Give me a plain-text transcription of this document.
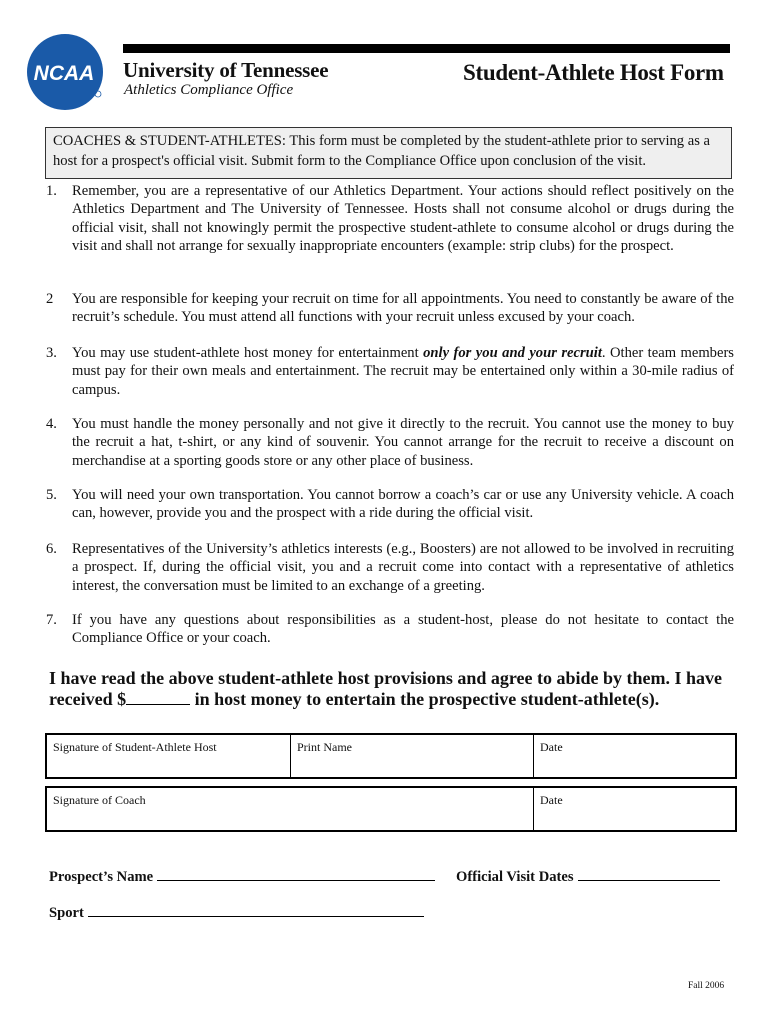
NCAA University of Tennessee
Athletics Compliance Office
Student-Athlete Host Form
COACHES & STUDENT-ATHLETES: This form must be completed by the student-athlete prior to serving as a host for a prospect's official visit. Submit form to the Compliance Office upon conclusion of the visit.
1.	Remember, you are a representative of our Athletics Department. Your actions should reflect positively on the Athletics Department and The University of Tennessee. Hosts shall not consume alcohol or drugs during the official visit, shall not knowingly permit the prospective student-athlete to consume alcohol or drugs during the visit and shall not arrange for sexually inappropriate encounters (example: strip clubs) for the prospect.
2	You are responsible for keeping your recruit on time for all appointments. You need to constantly be aware of the recruit’s schedule. You must attend all functions with your recruit unless excused by your coach.
3.	You may use student-athlete host money for entertainment only for you and your recruit. Other team members must pay for their own meals and entertainment. The recruit may be entertained only within a 30-mile radius of campus.
4.	You must handle the money personally and not give it directly to the recruit. You cannot use the money to buy the recruit a hat, t-shirt, or any kind of souvenir. You cannot arrange for the recruit to receive a discount on merchandise at a sporting goods store or any other place of business.
5.	You will need your own transportation. You cannot borrow a coach’s car or use any University vehicle. A coach can, however, provide you and the prospect with a ride during the official visit.
6.	Representatives of the University’s athletics interests (e.g., Boosters) are not allowed to be involved in recruiting a prospect. If, during the official visit, you and a recruit come into contact with a representative of athletics interest, the conversation must be limited to an exchange of a greeting.
7.	If you have any questions about responsibilities as a student-host, please do not hesitate to contact the Compliance Office or your coach.
I have read the above student-athlete host provisions and agree to abide by them. I have received $	in host money to entertain the prospective student-athlete(s).
Signature of Student-Athlete Host	Print Name	Date
Signature of Coach	Date
Prospect’s Name	Official Visit Dates
Sport
Fall 2006
